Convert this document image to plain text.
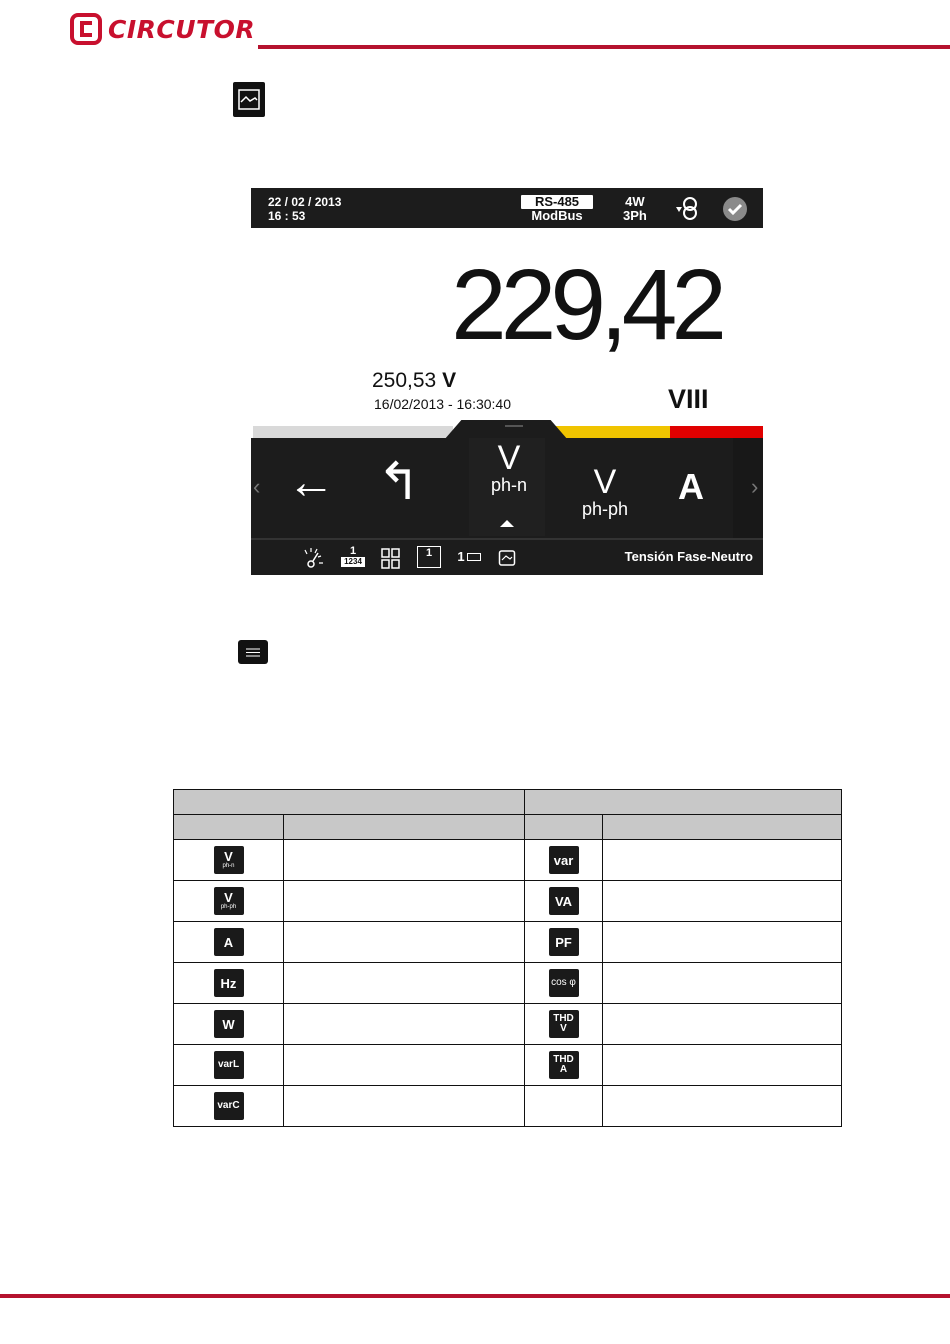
CIRCUTOR
22 / 02 / 2013
16 : 53
RS-485
ModBus
4W
3Ph
229,42
250,53 V
16/02/2013 - 16:30:40	VIII
‹ ← ↰	V
ph-n	V
ph-ph
A	›
1
1234
1	1	Tensión Fase-Neutro

V
ph-n		var	

V
ph-ph		VA	

A		PF	

Hz		cos φ	

W		THD
V	

varL		THD
A	

varC			
